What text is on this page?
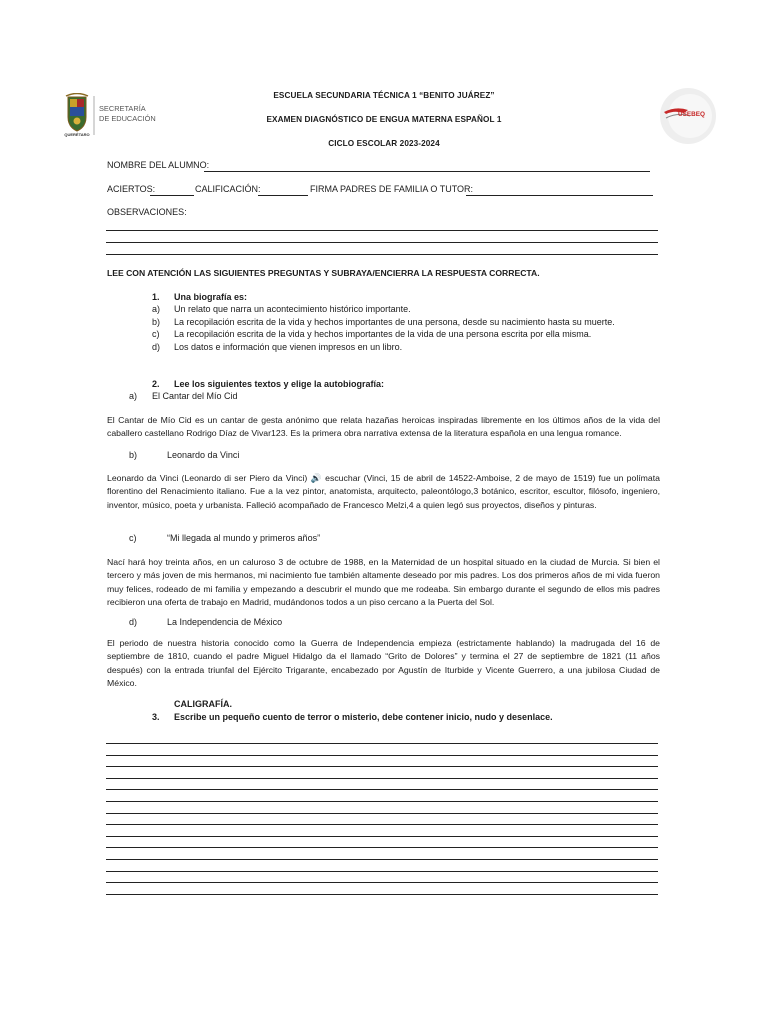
SECRETARÍA
DE EDUCACIÓN
QUERÉTARO
USEBEQ
ESCUELA SECUNDARIA TÉCNICA 1 “BENITO JUÁREZ”
EXAMEN DIAGNÓSTICO DE ENGUA MATERNA ESPAÑOL 1
CICLO ESCOLAR 2023-2024
NOMBRE DEL ALUMNO:
ACIERTOS:	CALIFICACIÓN:	FIRMA PADRES DE FAMILIA O TUTOR:
OBSERVACIONES:
LEE CON ATENCIÓN LAS SIGUIENTES PREGUNTAS Y SUBRAYA/ENCIERRA LA RESPUESTA CORRECTA.
1. Una biografía es:
a) Un relato que narra un acontecimiento histórico importante.
b) La recopilación escrita de la vida y hechos importantes de una persona, desde su nacimiento hasta su muerte.
c) La recopilación escrita de la vida y hechos importantes de la vida de una persona escrita por ella misma.
d) Los datos e información que vienen impresos en un libro.
2. Lee los siguientes textos y elige la autobiografía:
a) El Cantar del Mío Cid
El Cantar de Mío Cid es un cantar de gesta anónimo que relata hazañas heroicas inspiradas libremente en los últimos años de la vida del caballero castellano Rodrigo Díaz de Vivar123. Es la primera obra narrativa extensa de la literatura española en una lengua romance.
b)	Leonardo da Vinci
Leonardo da Vinci (Leonardo di ser Piero da Vinci) 🔊 escuchar (Vinci, 15 de abril de 14522-Amboise, 2 de mayo de 1519) fue un polímata florentino del Renacimiento italiano. Fue a la vez pintor, anatomista, arquitecto, paleontólogo,3 botánico, escritor, escultor, filósofo, ingeniero, inventor, músico, poeta y urbanista. Falleció acompañado de Francesco Melzi,4 a quien legó sus proyectos, diseños y pinturas.
c)	“Mi llegada al mundo y primeros años”
Nací hará hoy treinta años, en un caluroso 3 de octubre de 1988, en la Maternidad de un hospital situado en la ciudad de Murcia. Si bien el tercero y más joven de mis hermanos, mi nacimiento fue también altamente deseado por mis padres. Los dos primeros años de mi vida fueron muy felices, rodeado de mi familia y empezando a descubrir el mundo que me rodeaba. Sin embargo durante el segundo de ellos mis padres recibieron una oferta de trabajo en Madrid, mudándonos todos a un piso cercano a la Puerta del Sol.
d)	La Independencia de México
El periodo de nuestra historia conocido como la Guerra de Independencia empieza (estrictamente hablando) la madrugada del 16 de septiembre de 1810, cuando el padre Miguel Hidalgo da el llamado “Grito de Dolores” y termina el 27 de septiembre de 1821 (11 años después) con la entrada triunfal del Ejército Trigarante, encabezado por Agustín de Iturbide y Vicente Guerrero, a una jubilosa Ciudad de México.
CALIGRAFÍA.
3. Escribe un pequeño cuento de terror o misterio, debe contener inicio, nudo y desenlace.
